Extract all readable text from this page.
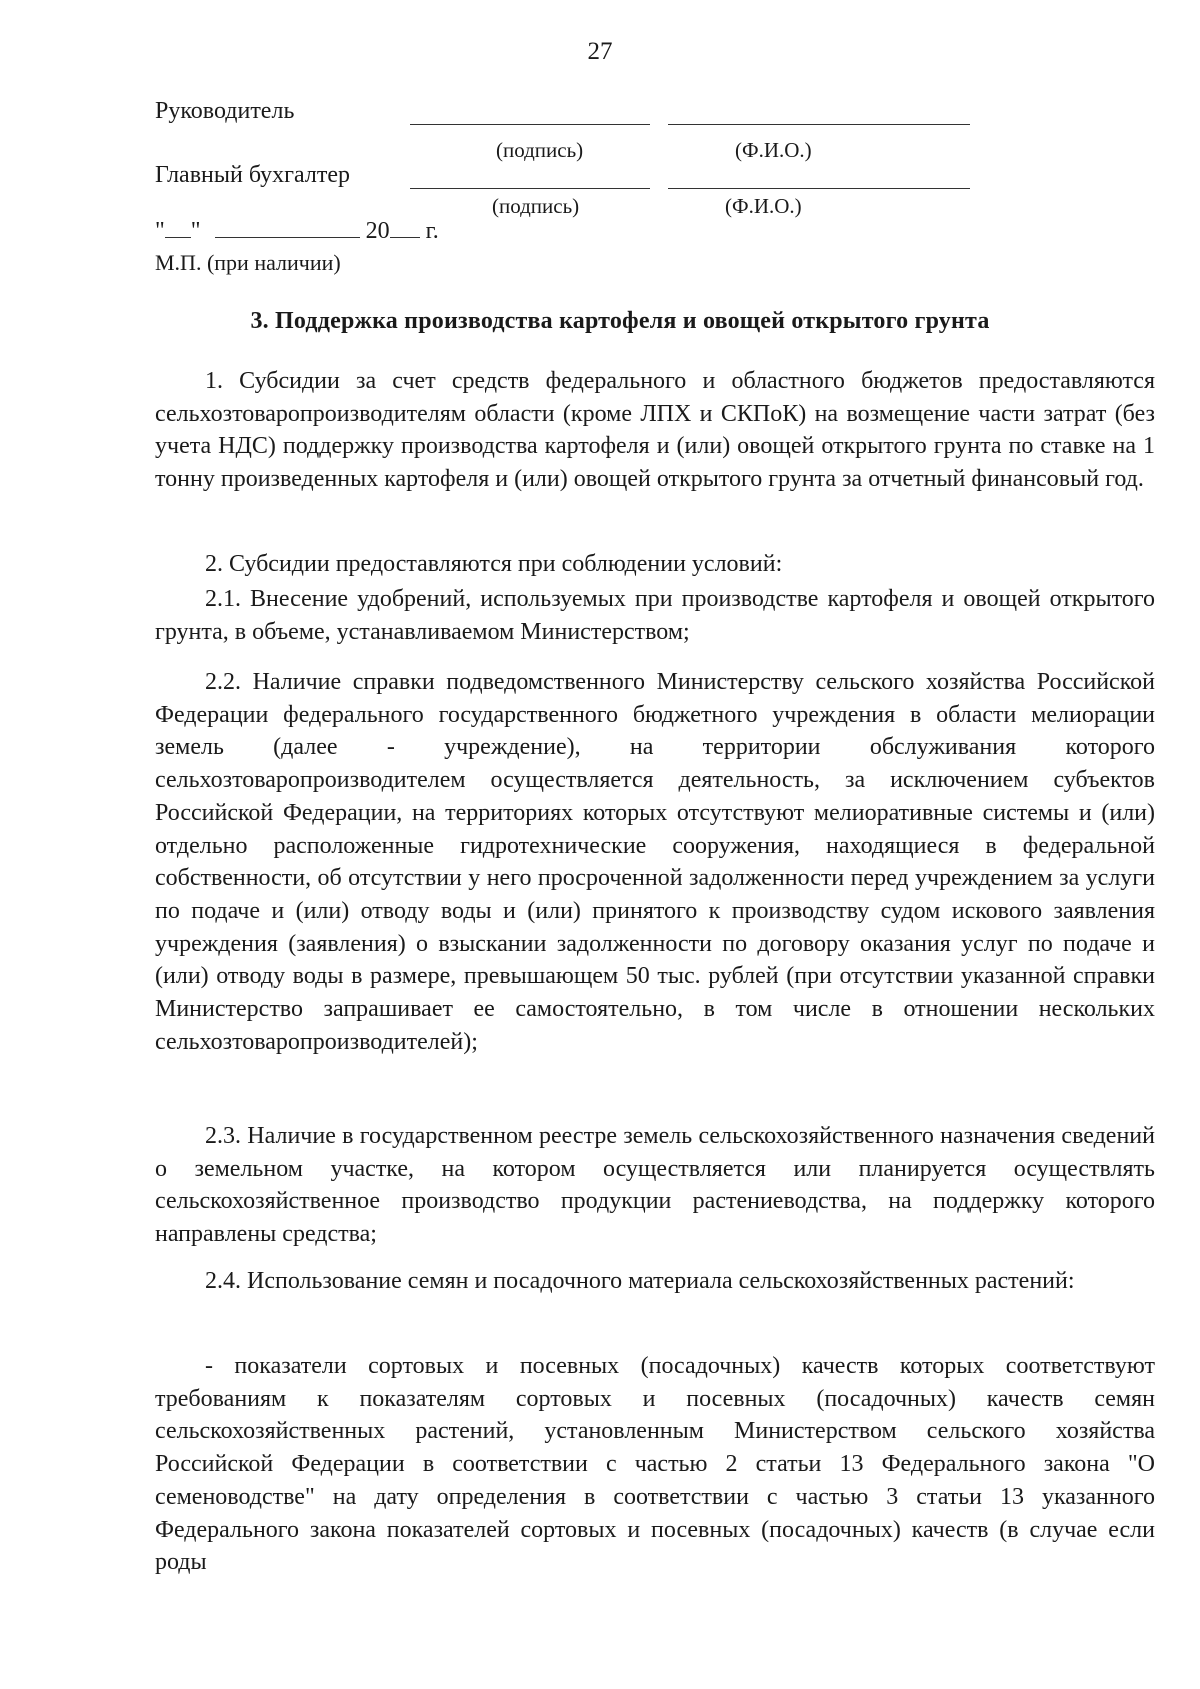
27
Руководитель
(подпись)	(Ф.И.О.)
Главный бухгалтер
(подпись)	(Ф.И.О.)
" "	20 г.
М.П. (при наличии)
3. Поддержка производства картофеля и овощей открытого грунта

1. Субсидии за счет средств федерального и областного бюджетов предоставляются сельхозтоваропроизводителям области (кроме ЛПХ и СКПоК) на возмещение части затрат (без учета НДС) поддержку производства картофеля и (или) овощей открытого грунта по ставке на 1 тонну произведенных картофеля и (или) овощей открытого грунта за отчетный финансовый год.

2. Субсидии предоставляются при соблюдении условий:

2.1. Внесение удобрений, используемых при производстве картофеля и овощей открытого грунта, в объеме, устанавливаемом Министерством;

2.2. Наличие справки подведомственного Министерству сельского хозяйства Российской Федерации федерального государственного бюджетного учреждения в области мелиорации земель (далее - учреждение), на территории обслуживания которого сельхозтоваропроизводителем осуществляется деятельность, за исключением субъектов Российской Федерации, на территориях которых отсутствуют мелиоративные системы и (или) отдельно расположенные гидротехнические сооружения, находящиеся в федеральной собственности, об отсутствии у него просроченной задолженности перед учреждением за услуги по подаче и (или) отводу воды и (или) принятого к производству судом искового заявления учреждения (заявления) о взыскании задолженности по договору оказания услуг по подаче и (или) отводу воды в размере, превышающем 50 тыс. рублей (при отсутствии указанной справки Министерство запрашивает ее самостоятельно, в том числе в отношении нескольких сельхозтоваропроизводителей);

2.3. Наличие в государственном реестре земель сельскохозяйственного назначения сведений о земельном участке, на котором осуществляется или планируется осуществлять сельскохозяйственное производство продукции растениеводства, на поддержку которого направлены средства;

2.4. Использование семян и посадочного материала сельскохозяйственных растений:

- показатели сортовых и посевных (посадочных) качеств которых соответствуют требованиям к показателям сортовых и посевных (посадочных) качеств семян сельскохозяйственных растений, установленным Министерством сельского хозяйства Российской Федерации в соответствии с частью 2 статьи 13 Федерального закона "О семеноводстве" на дату определения в соответствии с частью 3 статьи 13 указанного Федерального закона показателей сортовых и посевных (посадочных) качеств (в случае если роды
